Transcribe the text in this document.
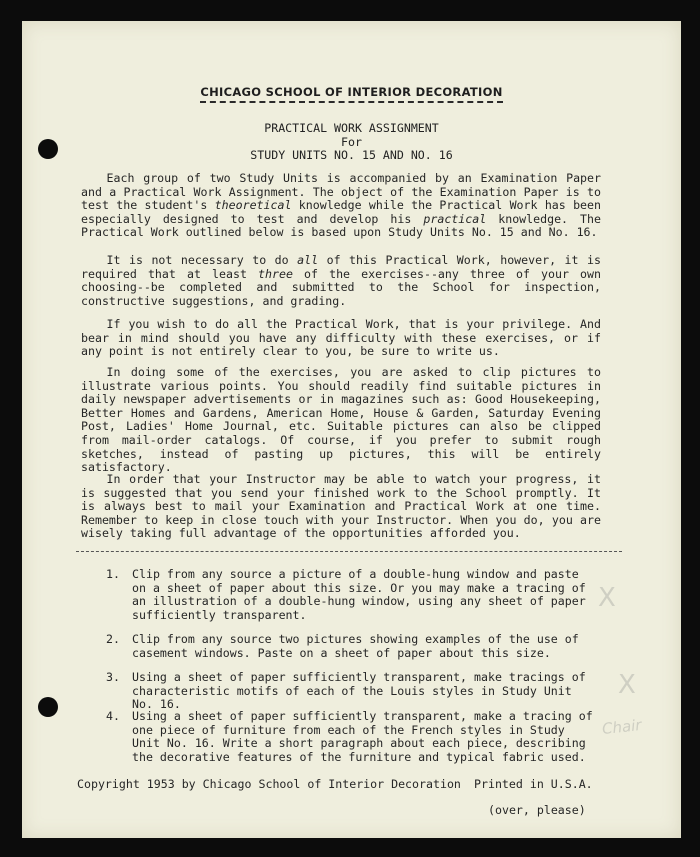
CHICAGO SCHOOL OF INTERIOR DECORATION
PRACTICAL WORK ASSIGNMENT
For
STUDY UNITS NO. 15 AND NO. 16
Each group of two Study Units is accompanied by an Examination Paper and a Practical Work Assignment. The object of the Examination Paper is to test the student's theoretical knowledge while the Practical Work has been especially designed to test and develop his practical knowledge. The Practical Work outlined below is based upon Study Units No. 15 and No. 16.
It is not necessary to do all of this Practical Work, however, it is required that at least three of the exercises--any three of your own choosing--be completed and submitted to the School for inspection, constructive suggestions, and grading.
If you wish to do all the Practical Work, that is your privilege. And bear in mind should you have any difficulty with these exercises, or if any point is not entirely clear to you, be sure to write us.
In doing some of the exercises, you are asked to clip pictures to illustrate various points. You should readily find suitable pictures in daily newspaper advertisements or in magazines such as: Good Housekeeping, Better Homes and Gardens, American Home, House & Garden, Saturday Evening Post, Ladies' Home Journal, etc. Suitable pictures can also be clipped from mail-order catalogs. Of course, if you prefer to submit rough sketches, instead of pasting up pictures, this will be entirely satisfactory.
In order that your Instructor may be able to watch your progress, it is suggested that you send your finished work to the School promptly. It is always best to mail your Examination and Practical Work at one time. Remember to keep in close touch with your Instructor. When you do, you are wisely taking full advantage of the opportunities afforded you.
1. Clip from any source a picture of a double-hung window and paste on a sheet of paper about this size. Or you may make a tracing of an illustration of a double-hung window, using any sheet of paper sufficiently transparent.
2. Clip from any source two pictures showing examples of the use of casement windows. Paste on a sheet of paper about this size.
3. Using a sheet of paper sufficiently transparent, make tracings of characteristic motifs of each of the Louis styles in Study Unit No. 16.
4. Using a sheet of paper sufficiently transparent, make a tracing of one piece of furniture from each of the French styles in Study Unit No. 16. Write a short paragraph about each piece, describing the decorative features of the furniture and typical fabric used.
Copyright 1953 by Chicago School of Interior Decoration Printed in U.S.A.
(over, please)
X
X
Chair
